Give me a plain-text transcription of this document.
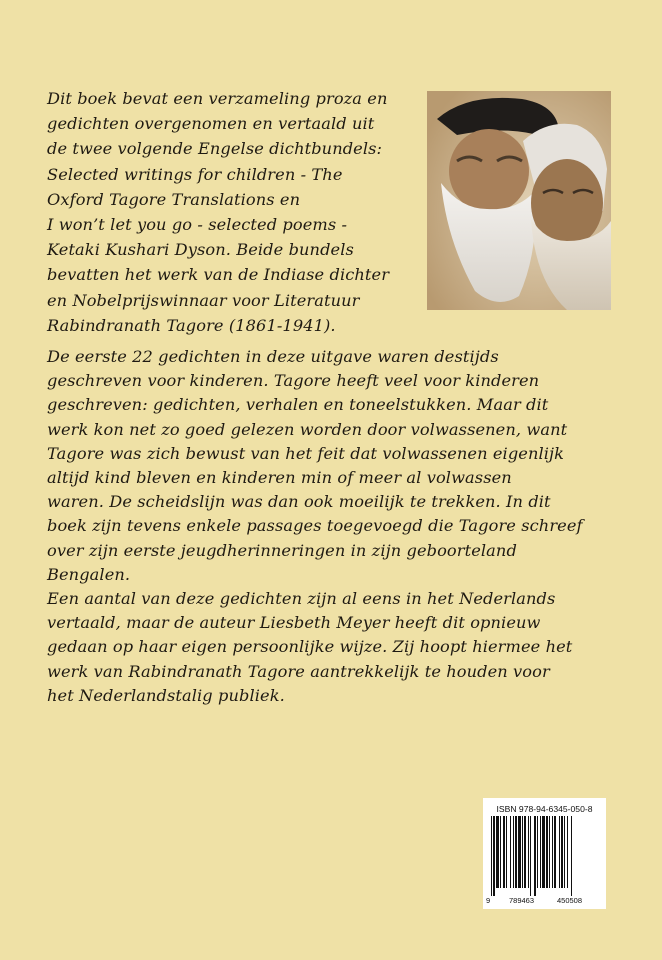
Dit boek bevat een verzameling proza en

gedichten overgenomen en vertaald uit

de twee volgende Engelse dichtbundels:

Selected writings for children - The

Oxford Tagore Translations en

I won’t let you go - selected poems -

Ketaki Kushari Dyson. Beide bundels

bevatten het werk van de Indiase dichter

en Nobelprijswinnaar voor Literatuur

Rabindranath Tagore (1861-1941).

De eerste 22 gedichten in deze uitgave waren destijds

geschreven voor kinderen. Tagore heeft veel voor kinderen

geschreven: gedichten, verhalen en toneelstukken. Maar dit

werk kon net zo goed gelezen worden door volwassenen, want

Tagore was zich bewust van het feit dat volwassenen eigenlijk

altijd kind bleven en kinderen min of meer al volwassen

waren. De scheidslijn was dan ook moeilijk te trekken. In dit

boek zijn tevens enkele passages toegevoegd die Tagore schreef

over zijn eerste jeugdherinneringen in zijn geboorteland

Bengalen.

Een aantal van deze gedichten zijn al eens in het Nederlands

vertaald, maar de auteur Liesbeth Meyer heeft dit opnieuw

gedaan op haar eigen persoonlijke wijze. Zij hoopt hiermee het

werk van Rabindranath Tagore aantrekkelijk te houden voor

het Nederlandstalig publiek.

ISBN 978-94-6345-050-8
9	789463	450508
